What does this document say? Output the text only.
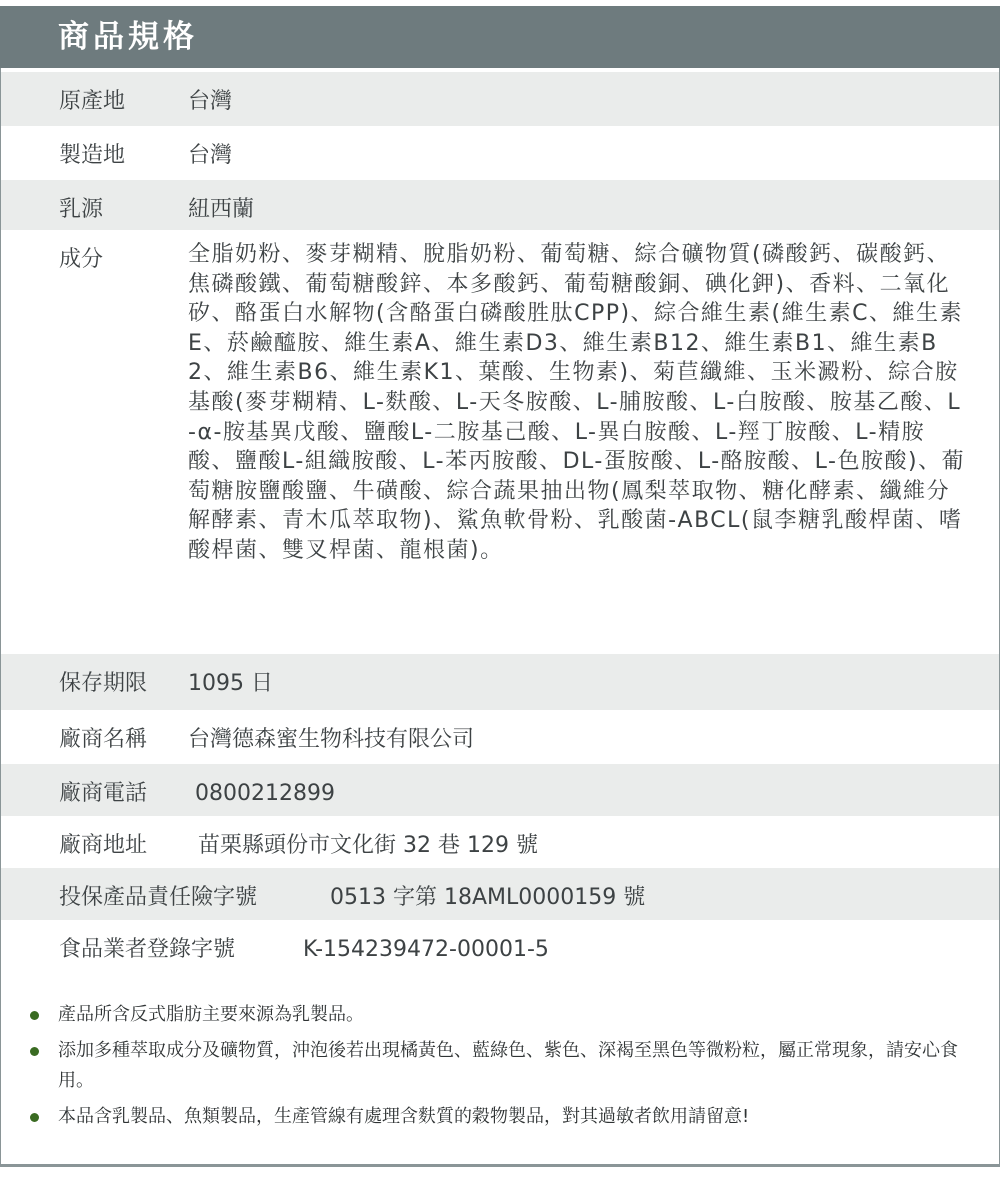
商品規格
原產地	台灣
製造地	台灣
乳源	紐西蘭
成分	全脂奶粉、麥芽糊精、脫脂奶粉、葡萄糖、綜合礦物質(磷酸鈣、碳酸鈣、焦磷酸鐵、葡萄糖酸鋅、本多酸鈣、葡萄糖酸銅、碘化鉀)、香料、二氧化矽、酪蛋白水解物(含酪蛋白磷酸胜肽CPP)、綜合維生素(維生素C、維生素E、菸鹼醯胺、維生素A、維生素D3、維生素B12、維生素B1、維生素B2、維生素B6、維生素K1、葉酸、生物素)、菊苣纖維、玉米澱粉、綜合胺基酸(麥芽糊精、L-麩酸、L-天冬胺酸、L-脯胺酸、L-白胺酸、胺基乙酸、L-α-胺基異戊酸、鹽酸L-二胺基己酸、L-異白胺酸、L-羥丁胺酸、L-精胺酸、鹽酸L-組織胺酸、L-苯丙胺酸、DL-蛋胺酸、L-酪胺酸、L-色胺酸)、葡萄糖胺鹽酸鹽、牛磺酸、綜合蔬果抽出物(鳳梨萃取物、糖化酵素、纖維分解酵素、青木瓜萃取物)、鯊魚軟骨粉、乳酸菌-ABCL(鼠李糖乳酸桿菌、嗜酸桿菌、雙叉桿菌、龍根菌)。
保存期限 1095 日
廠商名稱 台灣德森蜜生物科技有限公司
廠商電話 0800212899
廠商地址 苗栗縣頭份市文化街 32 巷 129 號
投保產品責任險字號	0513 字第 18AML0000159 號
食品業者登錄字號	K-154239472-00001-5
產品所含反式脂肪主要來源為乳製品。
添加多種萃取成分及礦物質，沖泡後若出現橘黃色、藍綠色、紫色、深褐至黑色等微粉粒，屬正常現象，請安心食用。
本品含乳製品、魚類製品，生產管線有處理含麩質的穀物製品，對其過敏者飲用請留意!
